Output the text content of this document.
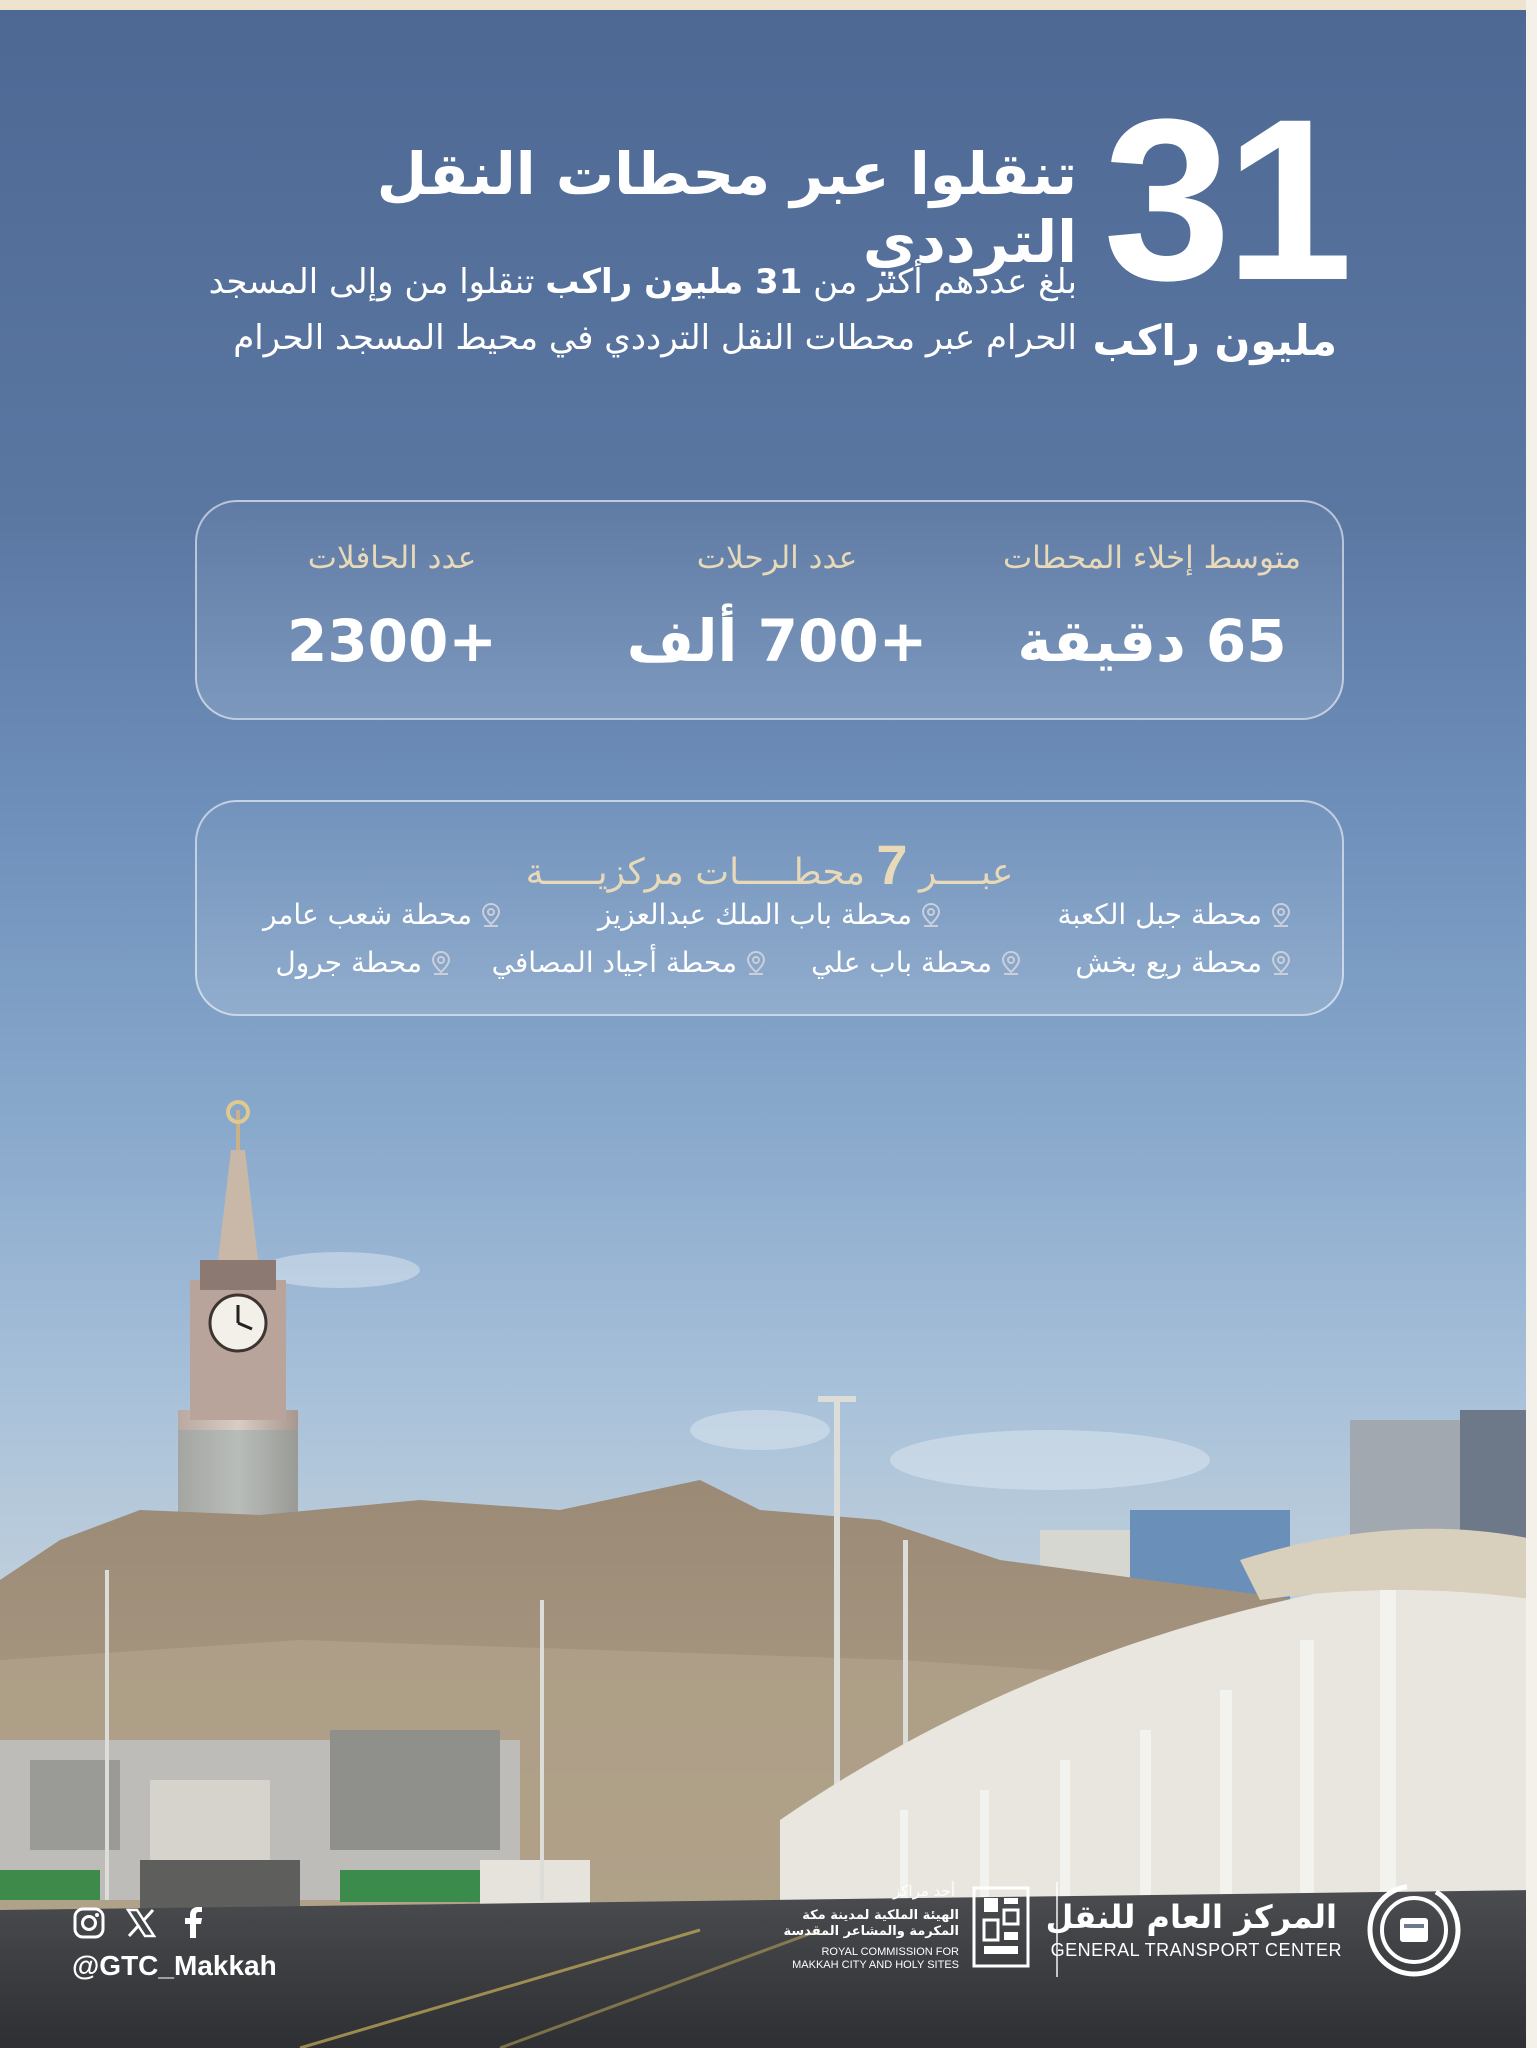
31
مليون راكب
تنقلوا عبر محطات النقل الترددي
بلغ عددهم أكثر من 31 مليون راكب تنقلوا من وإلى المسجد
الحرام عبر محطات النقل الترددي في محيط المسجد الحرام
متوسط إخلاء المحطات
65 دقيقة
عدد الرحلات
+700 ألف
عدد الحافلات
+2300
عبــــر 7 محطـــــات مركزيـــــة
محطة جبل الكعبة
محطة باب الملك عبدالعزيز
محطة شعب عامر
محطة ريع بخش
محطة باب علي
محطة أجياد المصافي
محطة جرول
@GTC_Makkah
أحد مراكز
الهيئة الملكية لمدينة مكة
المكرمة والمشاعر المقدسة
ROYAL COMMISSION FOR
MAKKAH CITY AND HOLY SITES
المركز العام للنقل
GENERAL TRANSPORT CENTER
